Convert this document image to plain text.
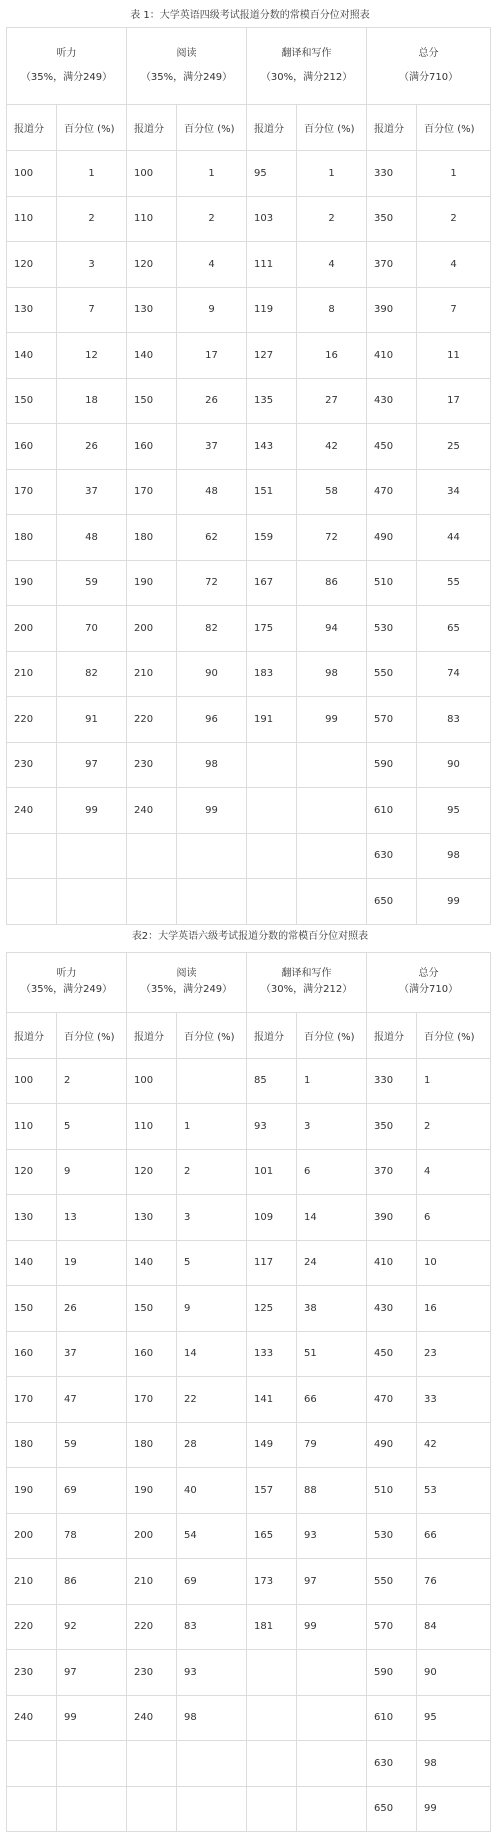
表 1：大学英语四级考试报道分数的常模百分位对照表
听力
（35%，满分249）		阅读
（35%，满分249）		翻译和写作
（30%，满分212）		总分
（满分710）	

报道分	百分位 (%)	报道分	百分位 (%)	报道分	百分位 (%)	报道分	百分位 (%)
100	1	100	1	95	1	330	1
110	2	110	2	103	2	350	2
120	3	120	4	111	4	370	4
130	7	130	9	119	8	390	7
140	12	140	17	127	16	410	11
150	18	150	26	135	27	430	17
160	26	160	37	143	42	450	25
170	37	170	48	151	58	470	34
180	48	180	62	159	72	490	44
190	59	190	72	167	86	510	55
200	70	200	82	175	94	530	65
210	82	210	90	183	98	550	74
220	91	220	96	191	99	570	83
230	97	230	98			590	90
240	99	240	99			610	95
						630	98
						650	99
表2：大学英语六级考试报道分数的常模百分位对照表
听力
（35%，满分249）		阅读
（35%，满分249）		翻译和写作
（30%，满分212）		总分
（满分710）	

报道分	百分位 (%)	报道分	百分位 (%)	报道分	百分位 (%)	报道分	百分位 (%)
100	2	100		85	1	330	1
110	5	110	1	93	3	350	2
120	9	120	2	101	6	370	4
130	13	130	3	109	14	390	6
140	19	140	5	117	24	410	10
150	26	150	9	125	38	430	16
160	37	160	14	133	51	450	23
170	47	170	22	141	66	470	33
180	59	180	28	149	79	490	42
190	69	190	40	157	88	510	53
200	78	200	54	165	93	530	66
210	86	210	69	173	97	550	76
220	92	220	83	181	99	570	84
230	97	230	93			590	90
240	99	240	98			610	95
						630	98
						650	99
